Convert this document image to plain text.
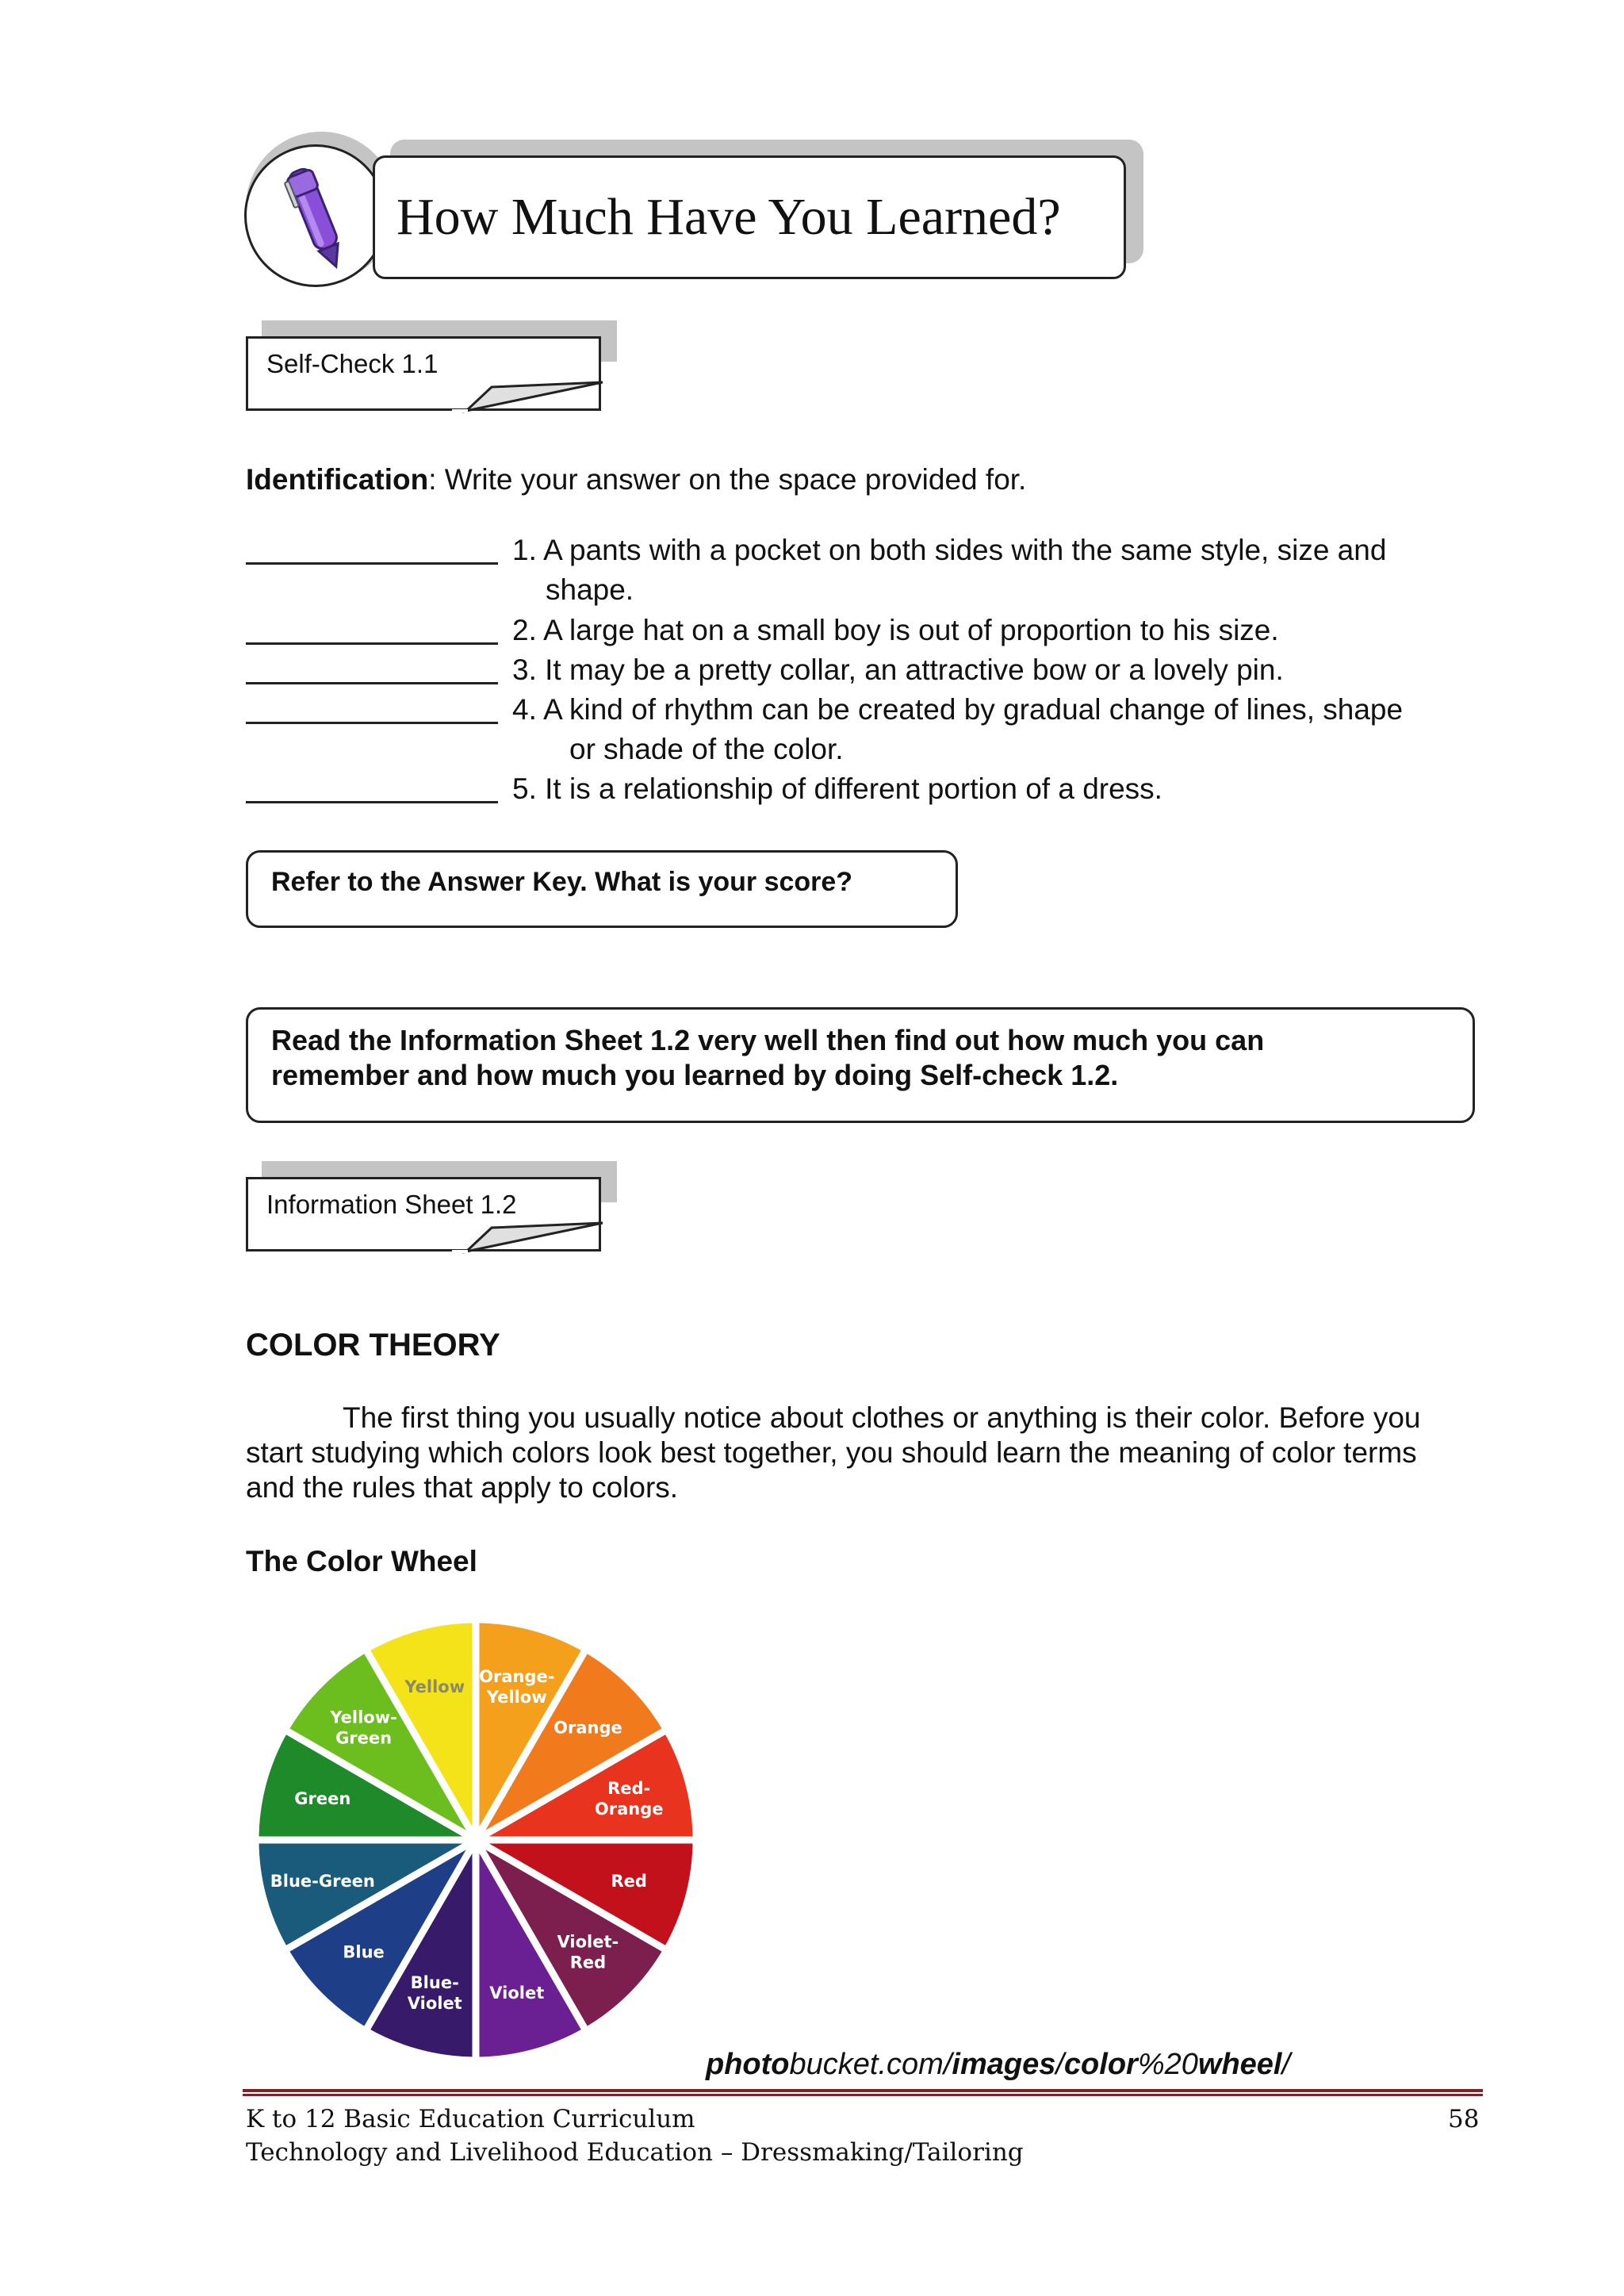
How Much Have You Learned?
Self-Check 1.1
Identification: Write your answer on the space provided for.
1. A pants with a pocket on both sides with the same style, size and
shape.
2. A large hat on a small boy is out of proportion to his size.
3. It may be a pretty collar, an attractive bow or a lovely pin.
4. A kind of rhythm can be created by gradual change of lines, shape
or shade of the color.
5. It is a relationship of different portion of a dress.
Refer to the Answer Key. What is your score?
Read the Information Sheet 1.2 very well then find out how much you can
remember and how much you learned by doing Self-check 1.2.
Information Sheet 1.2
COLOR THEORY
The first thing you usually notice about clothes or anything is their color. Before you
start studying which colors look best together, you should learn the meaning of color terms
and the rules that apply to colors.
The Color Wheel
Yellow
Orange-Yellow
Orange
Red-Orange
Red
Violet-Red
Violet
Blue-Violet
Blue
Blue-Green
Green
Yellow-Green
photobucket.com/images/color%20wheel/
K to 12 Basic Education Curriculum
Technology and Livelihood Education – Dressmaking/Tailoring
58
